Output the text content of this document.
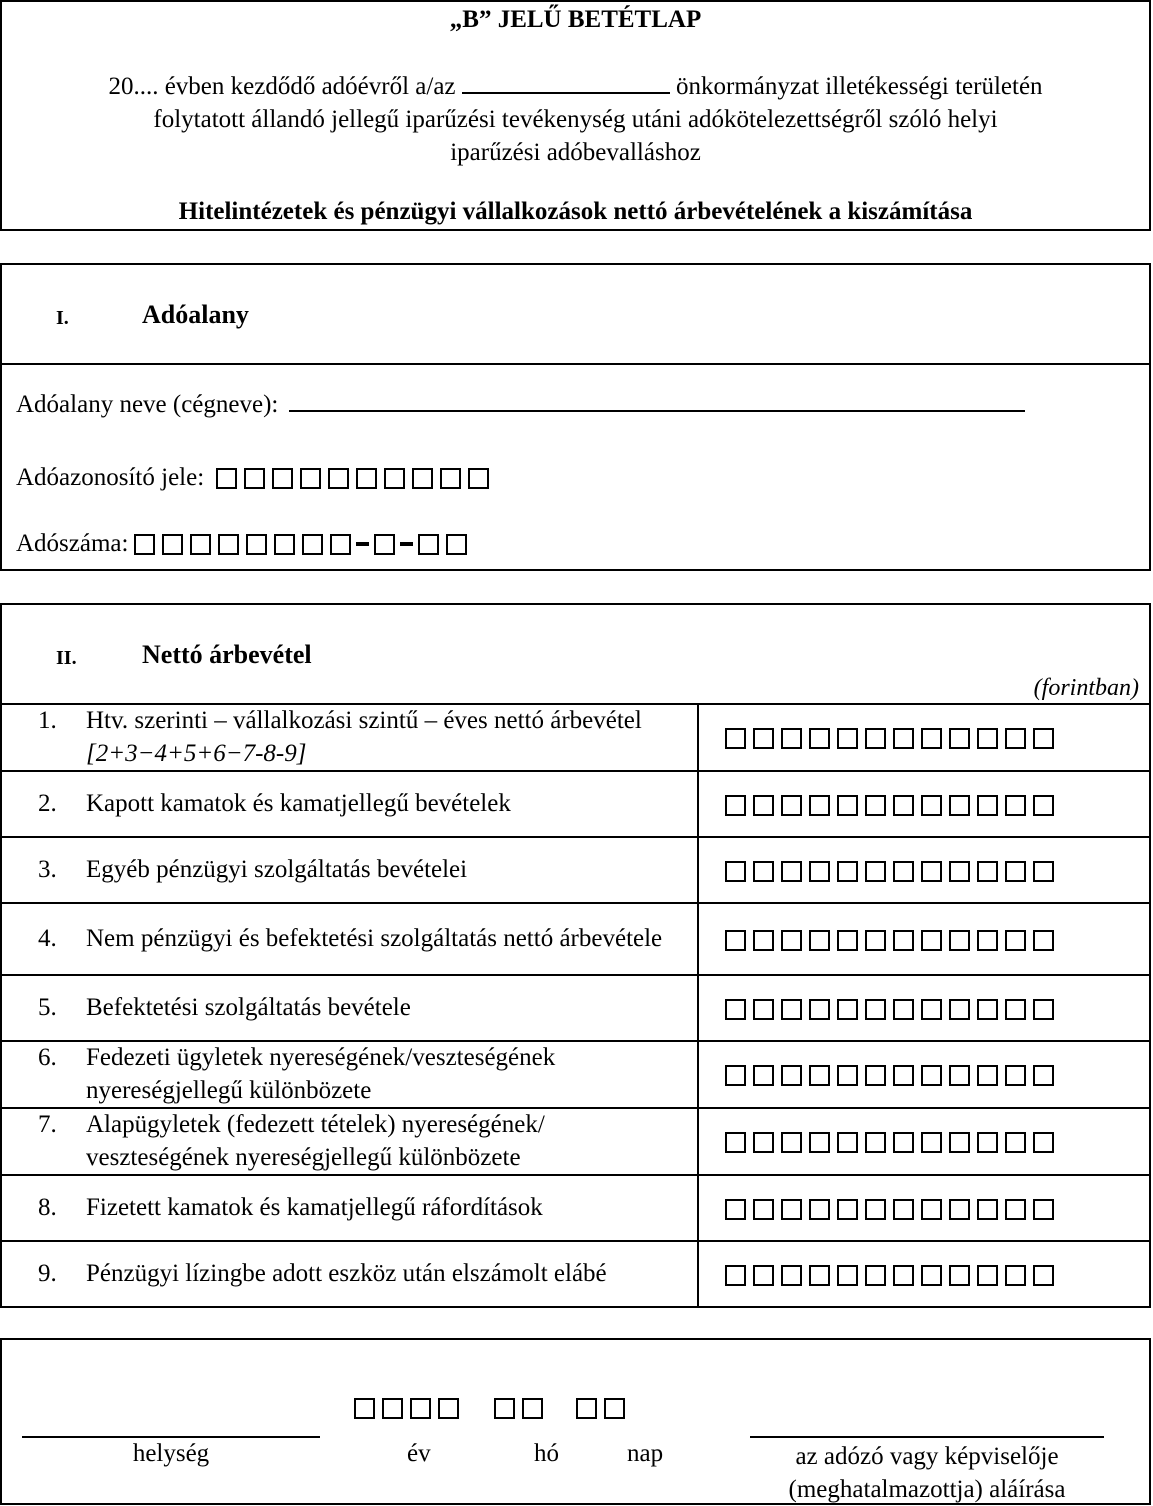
„B” JELŰ BETÉTLAP
20.... évben kezdődő adóévről a/az	önkormányzat illetékességi területén
folytatott állandó jellegű iparűzési tevékenység utáni adókötelezettségről szóló helyi
iparűzési adóbevalláshoz
Hitelintézetek és pénzügyi vállalkozások nettó árbevételének a kiszámítása
I.	Adóalany
Adóalany neve (cégneve):
Adóazonosító jele:
Adószáma:
II.	Nettó árbevétel
(forintban)
1. Htv. szerinti – vállalkozási szintű – éves nettó árbevétel [2+3−4+5+6−7-8-9]	
2. Kapott kamatok és kamatjellegű bevételek	
3. Egyéb pénzügyi szolgáltatás bevételei	
4. Nem pénzügyi és befektetési szolgáltatás nettó árbevétele	
5. Befektetési szolgáltatás bevétele	
6. Fedezeti ügyletek nyereségének/veszteségének nyereségjellegű különbözete	
7. Alapügyletek (fedezett tételek) nyereségének/ veszteségének nyereségjellegű különbözete	
8. Fizetett kamatok és kamatjellegű ráfordítások	
9. Pénzügyi lízingbe adott eszköz után elszámolt elábé	
helység	év	hó	nap	az adózó vagy képviselője
(meghatalmazottja) aláírása
